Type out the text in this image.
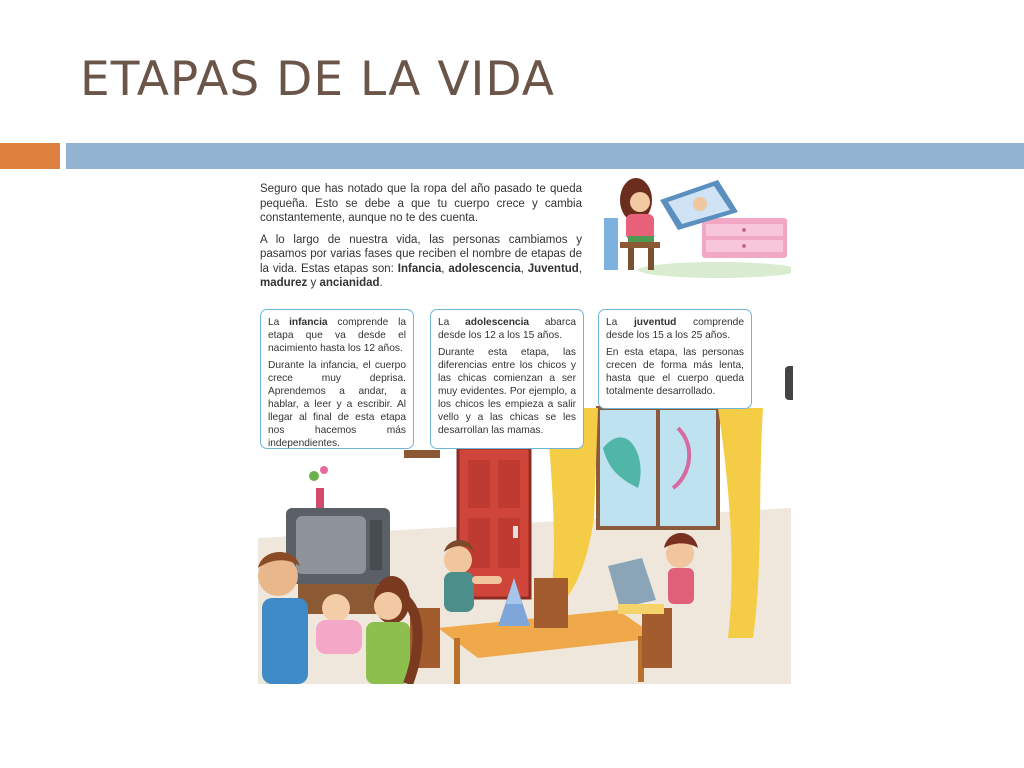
ETAPAS DE LA VIDA

Seguro que has notado que la ropa del año pasado te queda pequeña. Esto se debe a que tu cuerpo crece y cambia constantemente, aunque no te des cuenta.

A lo largo de nuestra vida, las personas cambiamos y pasamos por varias fases que reciben el nombre de etapas de la vida. Estas etapas son: Infancia, adolescencia, Juventud, madurez y ancianidad.

La infancia comprende la etapa que va desde el nacimiento hasta los 12 años.

Durante la infancia, el cuerpo crece muy deprisa. Aprendemos a andar, a hablar, a leer y a escribir. Al llegar al final de esta etapa nos hacemos más independientes.

La adolescencia abarca desde los 12 a los 15 años.

Durante esta etapa, las diferencias entre los chicos y las chicas comienzan a ser muy evidentes. Por ejemplo, a los chicos les empieza a salir vello y a las chicas se les desarrollan las mamas.

La juventud comprende desde los 15 a los 25 años.

En esta etapa, las personas crecen de forma más lenta, hasta que el cuerpo queda totalmente desarrollado.
